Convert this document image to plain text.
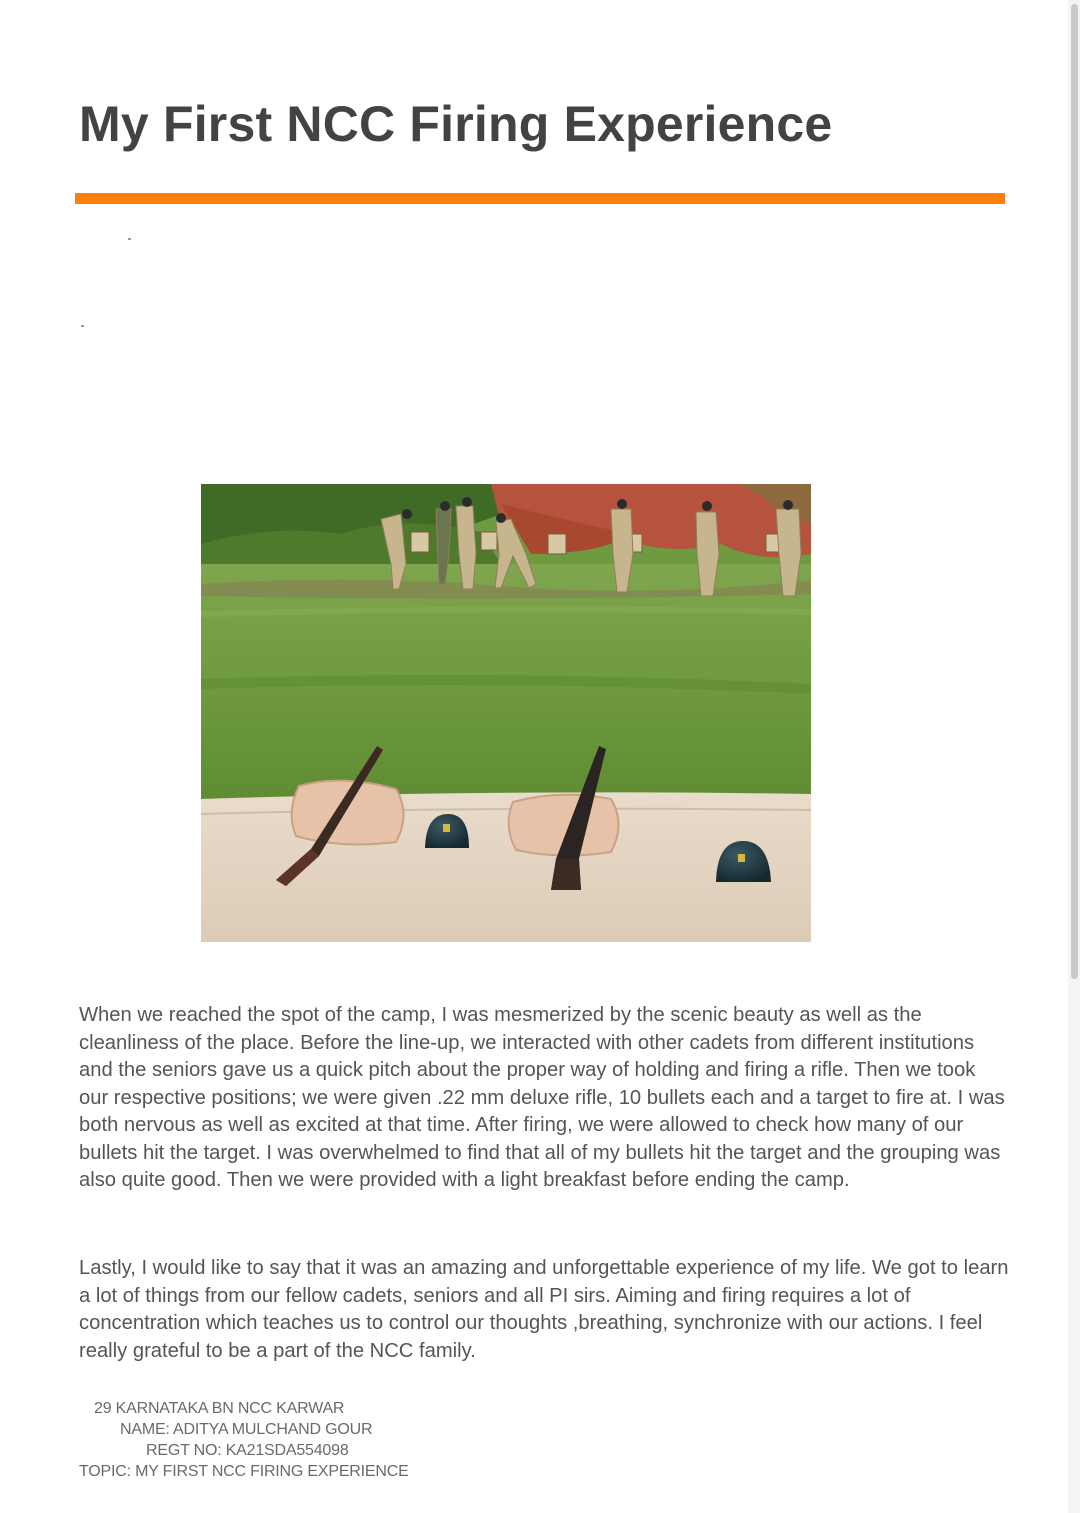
My First NCC Firing Experience

When we reached the spot of the camp, I was mesmerized by the scenic beauty as well as the cleanliness of the place. Before the line-up, we interacted with other cadets from different institutions and the seniors gave us a quick pitch about the proper way of holding and firing a rifle. Then we took our respective positions; we were given .22 mm deluxe rifle, 10 bullets each and a target to fire at. I was both nervous as well as excited at that time. After firing, we were allowed to check how many of our bullets hit the target. I was overwhelmed to find that all of my bullets hit the target and the grouping was also quite good. Then we were provided with a light breakfast before ending the camp.

Lastly, I would like to say that it was an amazing and unforgettable experience of my life. We got to learn a lot of things from our fellow cadets, seniors and all PI sirs. Aiming and firing requires a lot of concentration which teaches us to control our thoughts ,breathing, synchronize with our actions. I feel really grateful to be a part of the NCC family.

29 KARNATAKA BN NCC KARWAR
NAME: ADITYA MULCHAND GOUR
REGT NO: KA21SDA554098
TOPIC: MY FIRST NCC FIRING EXPERIENCE
